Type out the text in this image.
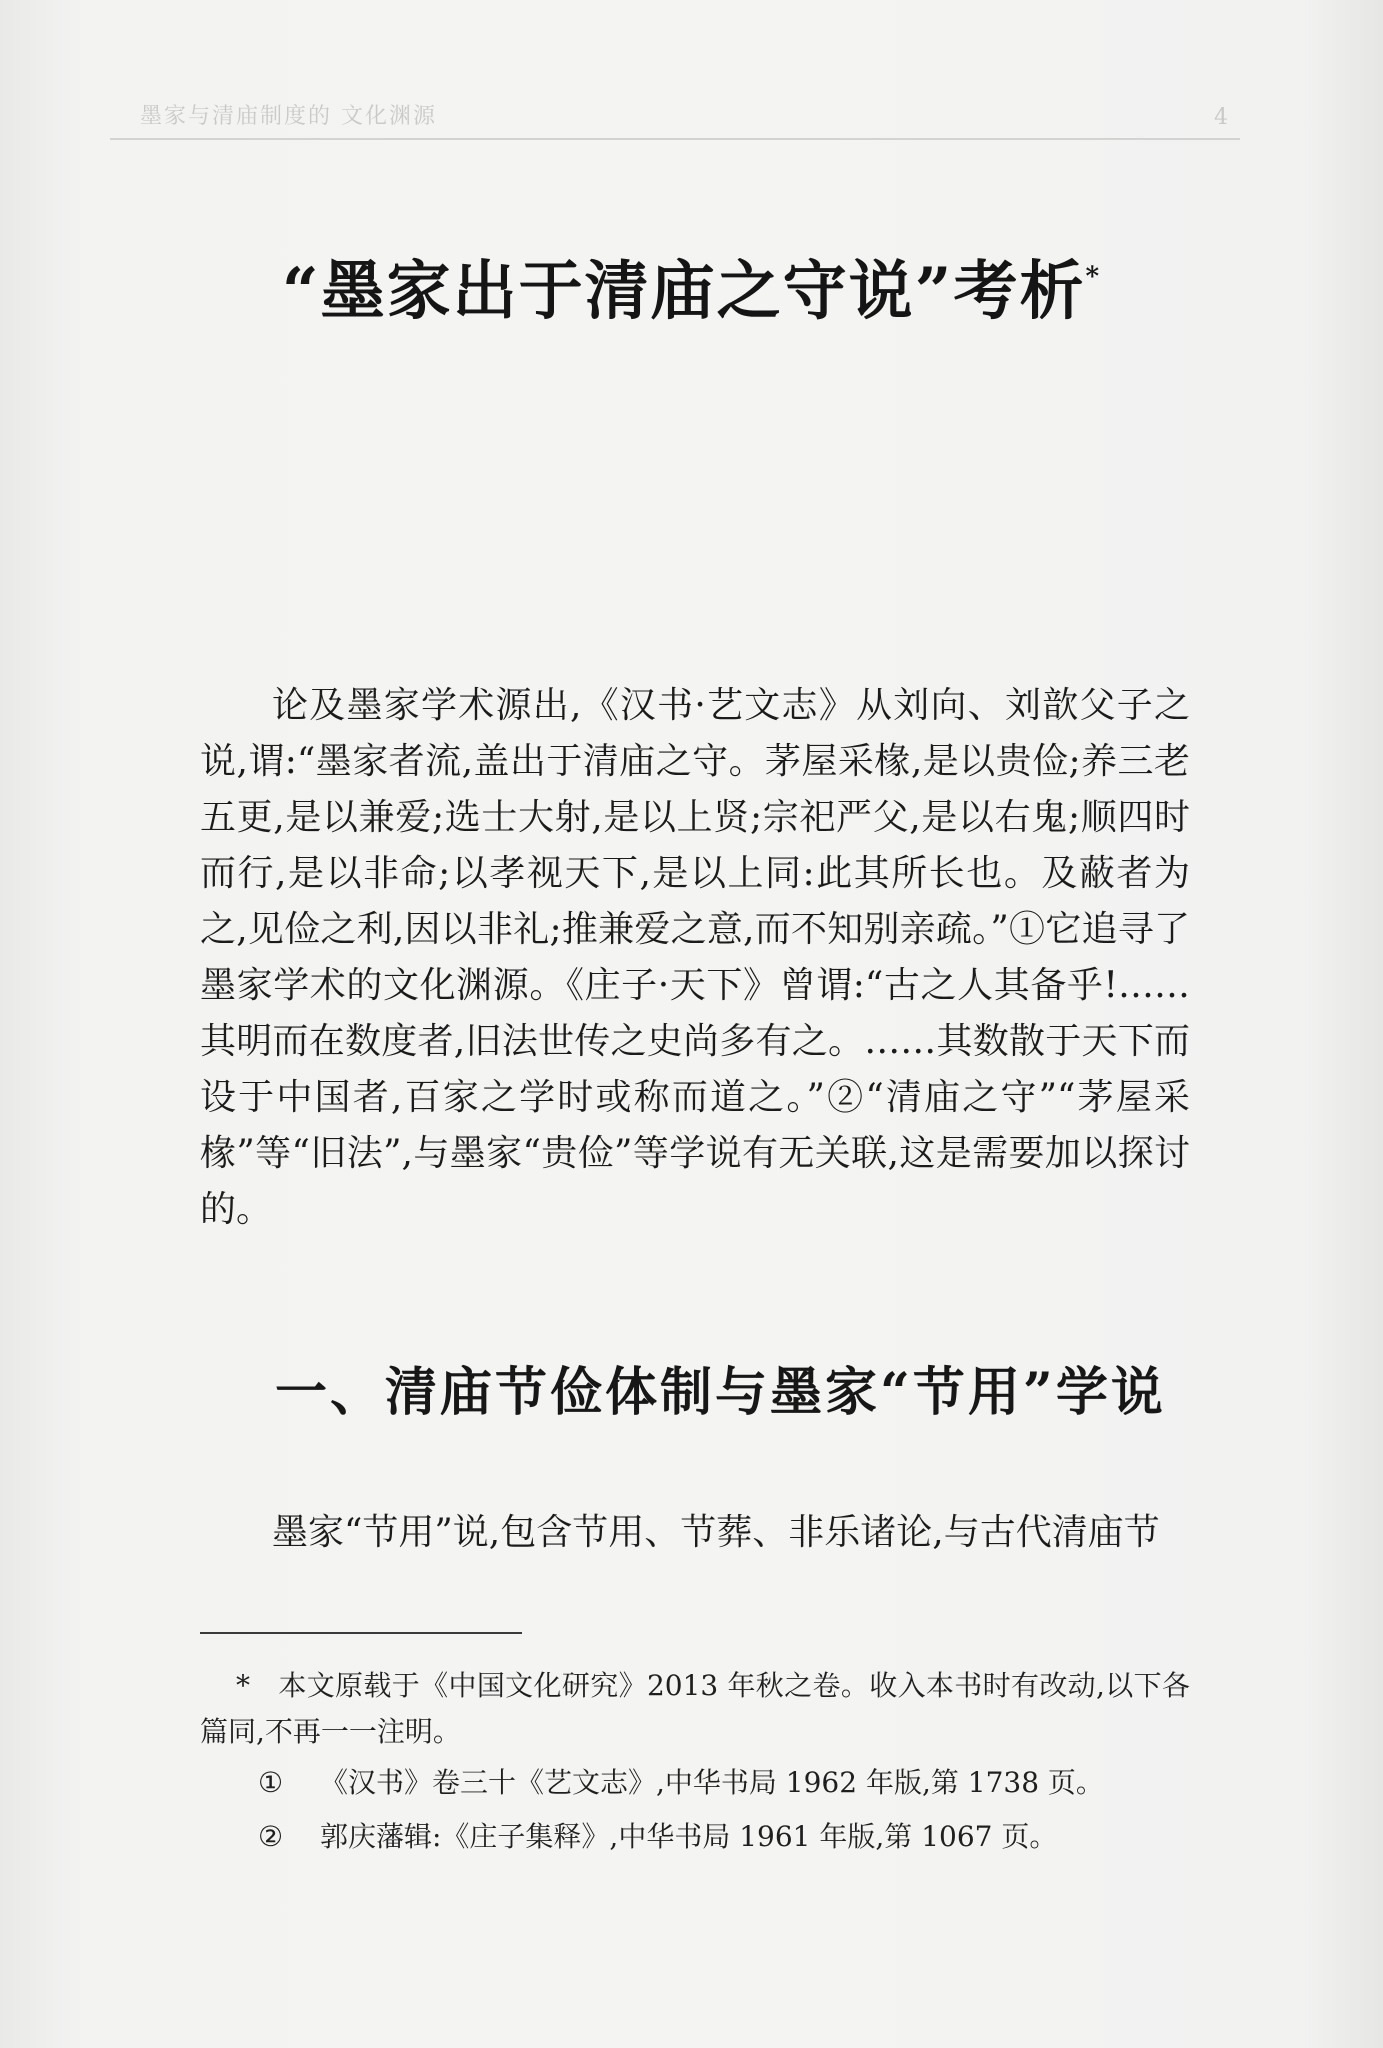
墨家与清庙制度的 文化渊源	4
“墨家出于清庙之守说”考析*
论及墨家学术源出,《汉书·艺文志》从刘向、刘歆父子之说,谓:“墨家者流,盖出于清庙之守。茅屋采椽,是以贵俭;养三老五更,是以兼爱;选士大射,是以上贤;宗祀严父,是以右鬼;顺四时而行,是以非命;以孝视天下,是以上同:此其所长也。及蔽者为之,见俭之利,因以非礼;推兼爱之意,而不知别亲疏。”①它追寻了墨家学术的文化渊源。《庄子·天下》曾谓:“古之人其备乎!……其明而在数度者,旧法世传之史尚多有之。……其数散于天下而设于中国者,百家之学时或称而道之。”②“清庙之守”“茅屋采椽”等“旧法”,与墨家“贵俭”等学说有无关联,这是需要加以探讨的。
一、清庙节俭体制与墨家“节用”学说
墨家“节用”说,包含节用、节葬、非乐诸论,与古代清庙节
* 本文原载于《中国文化研究》2013 年秋之卷。收入本书时有改动,以下各篇同,不再一一注明。
① 《汉书》卷三十《艺文志》,中华书局 1962 年版,第 1738 页。
② 郭庆藩辑:《庄子集释》,中华书局 1961 年版,第 1067 页。
